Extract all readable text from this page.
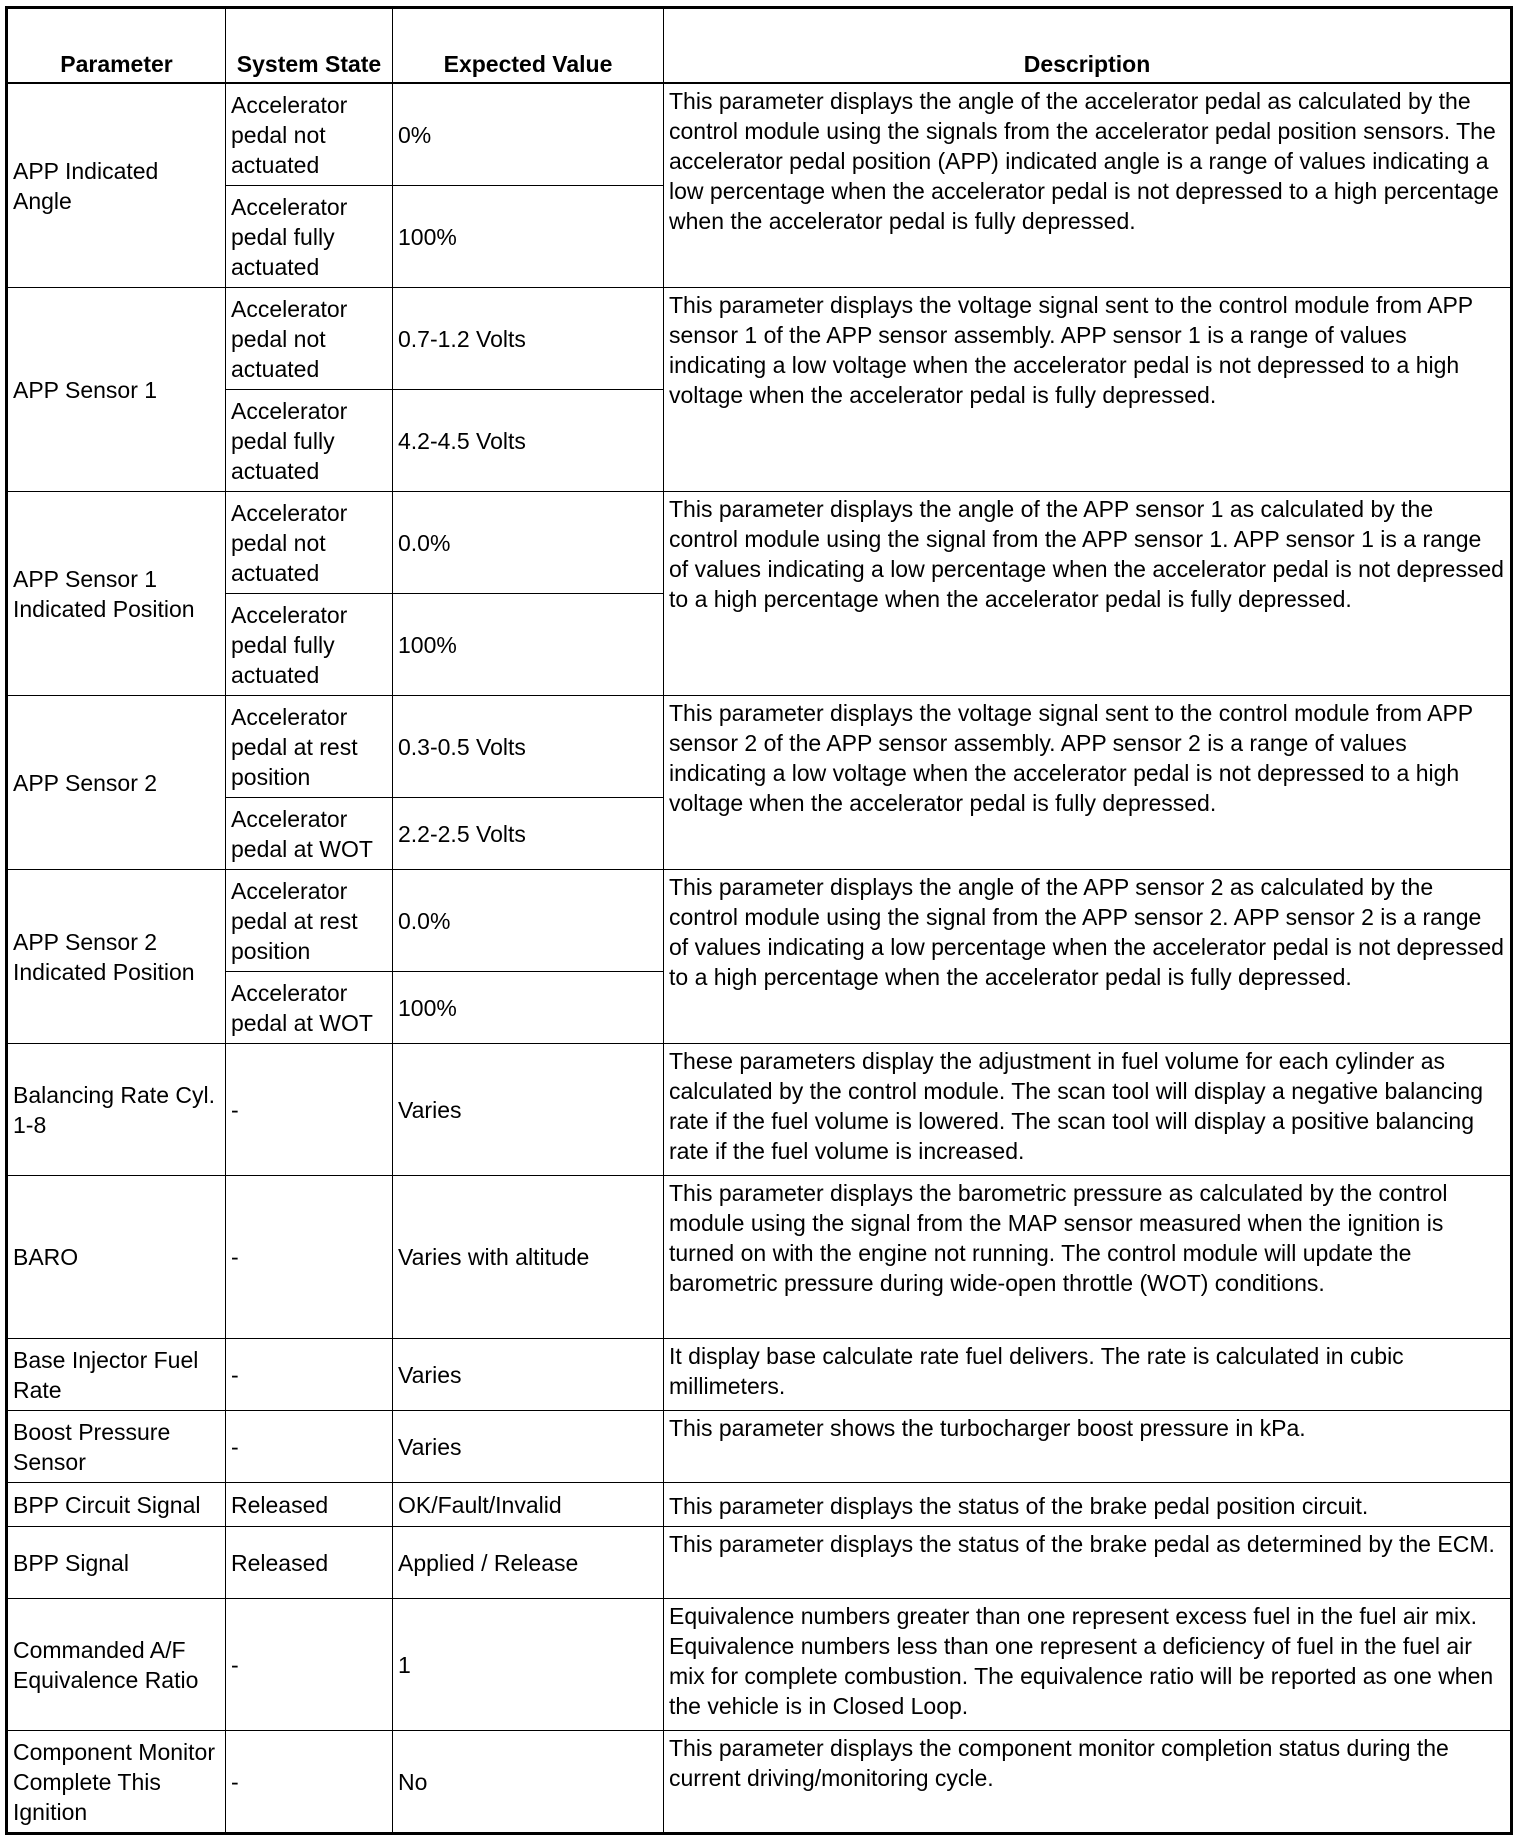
Parameter	System State	Expected Value	Description
APP Indicated Angle	Accelerator pedal not actuated	0%	This parameter displays the angle of the accelerator pedal as calculated by the control module using the signals from the accelerator pedal position sensors. The accelerator pedal position (APP) indicated angle is a range of values indicating a low percentage when the accelerator pedal is not depressed to a high percentage when the accelerator pedal is fully depressed.
	Accelerator pedal fully actuated	100%	
APP Sensor 1	Accelerator pedal not actuated	0.7-1.2 Volts	This parameter displays the voltage signal sent to the control module from APP sensor 1 of the APP sensor assembly. APP sensor 1 is a range of values indicating a low voltage when the accelerator pedal is not depressed to a high voltage when the accelerator pedal is fully depressed.
	Accelerator pedal fully actuated	4.2-4.5 Volts	
APP Sensor 1 Indicated Position	Accelerator pedal not actuated	0.0%	This parameter displays the angle of the APP sensor 1 as calculated by the control module using the signal from the APP sensor 1. APP sensor 1 is a range of values indicating a low percentage when the accelerator pedal is not depressed to a high percentage when the accelerator pedal is fully depressed.
	Accelerator pedal fully actuated	100%	
APP Sensor 2	Accelerator pedal at rest position	0.3-0.5 Volts	This parameter displays the voltage signal sent to the control module from APP sensor 2 of the APP sensor assembly. APP sensor 2 is a range of values indicating a low voltage when the accelerator pedal is not depressed to a high voltage when the accelerator pedal is fully depressed.
	Accelerator pedal at WOT	2.2-2.5 Volts	
APP Sensor 2 Indicated Position	Accelerator pedal at rest position	0.0%	This parameter displays the angle of the APP sensor 2 as calculated by the control module using the signal from the APP sensor 2. APP sensor 2 is a range of values indicating a low percentage when the accelerator pedal is not depressed to a high percentage when the accelerator pedal is fully depressed.
	Accelerator pedal at WOT	100%	
Balancing Rate Cyl. 1-8	-	Varies	These parameters display the adjustment in fuel volume for each cylinder as calculated by the control module. The scan tool will display a negative balancing rate if the fuel volume is lowered. The scan tool will display a positive balancing rate if the fuel volume is increased.
BARO	-	Varies with altitude	This parameter displays the barometric pressure as calculated by the control module using the signal from the MAP sensor measured when the ignition is turned on with the engine not running. The control module will update the barometric pressure during wide-open throttle (WOT) conditions.
Base Injector Fuel Rate	-	Varies	It display base calculate rate fuel delivers. The rate is calculated in cubic millimeters.
Boost Pressure Sensor	-	Varies	This parameter shows the turbocharger boost pressure in kPa.
BPP Circuit Signal	Released	OK/Fault/Invalid	This parameter displays the status of the brake pedal position circuit.
BPP Signal	Released	Applied / Release	This parameter displays the status of the brake pedal as determined by the ECM.
Commanded A/F Equivalence Ratio	-	1	Equivalence numbers greater than one represent excess fuel in the fuel air mix. Equivalence numbers less than one represent a deficiency of fuel in the fuel air mix for complete combustion. The equivalence ratio will be reported as one when the vehicle is in Closed Loop.
Component Monitor Complete This Ignition	-	No	This parameter displays the component monitor completion status during the current driving/monitoring cycle.
